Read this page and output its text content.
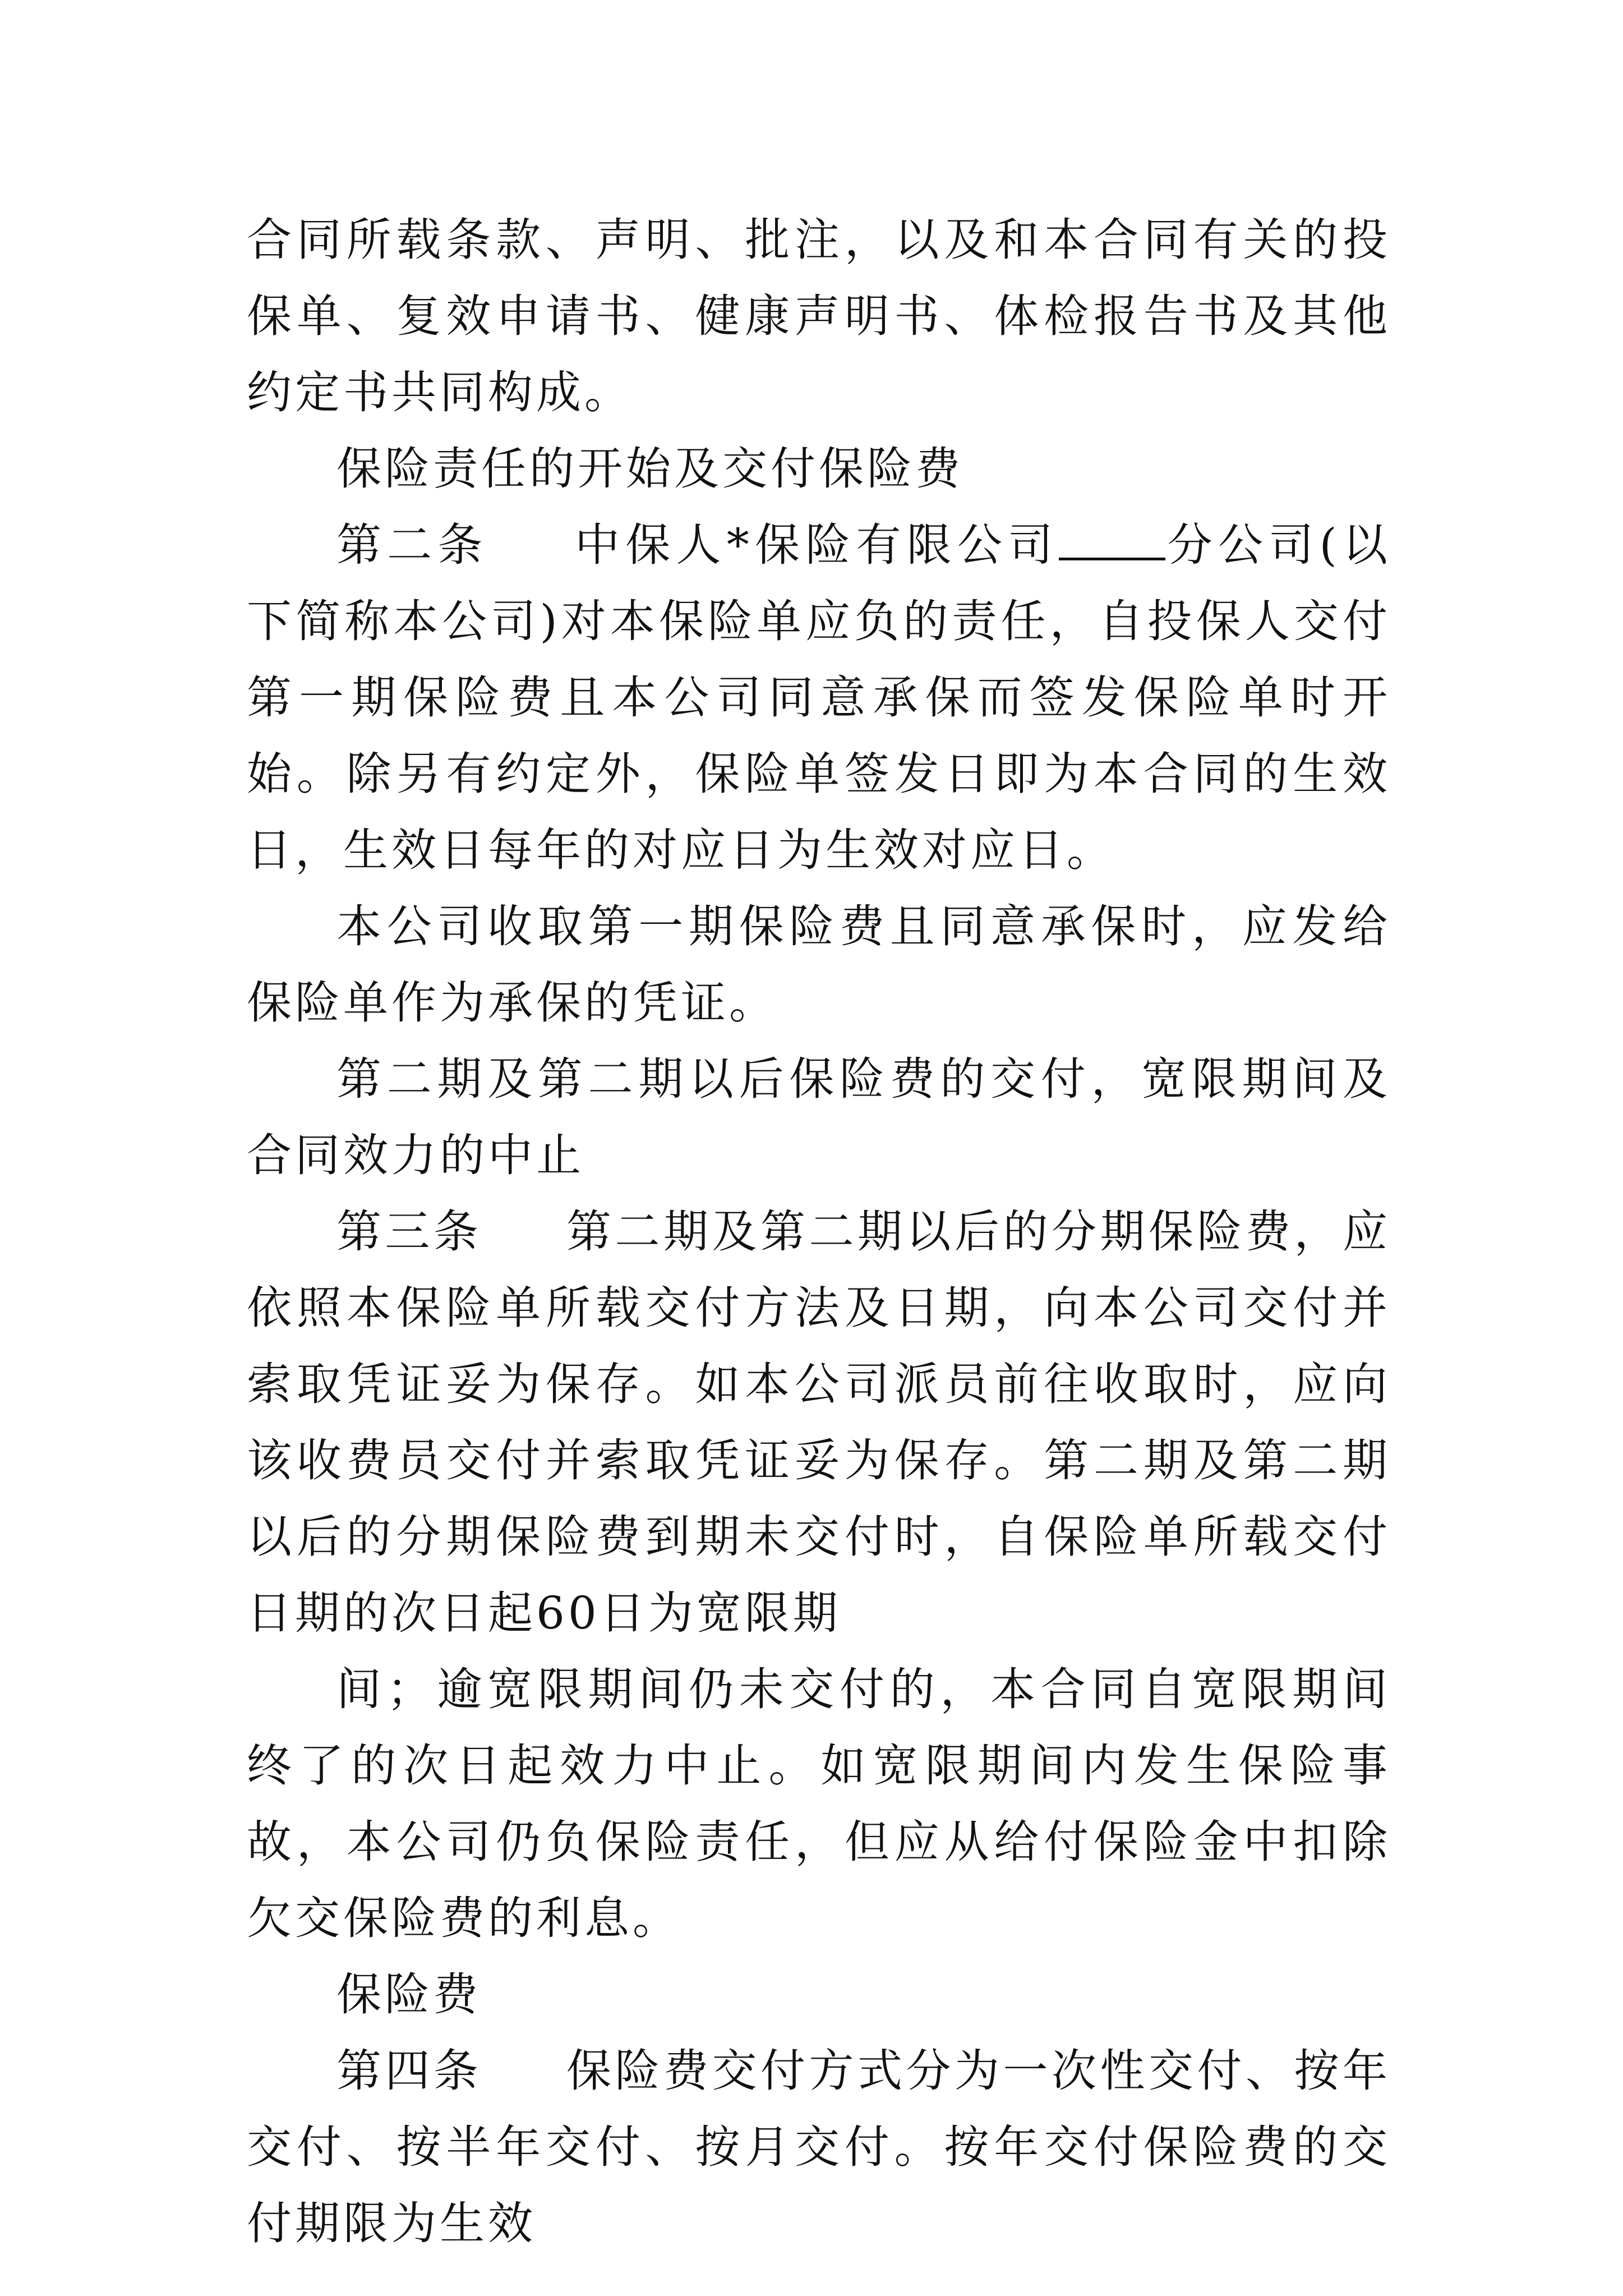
合同所载条款、声明、批注，以及和本合同有关的投保单、复效申请书、健康声明书、体检报告书及其他约定书共同构成。

保险责任的开始及交付保险费

第二条 中保人*保险有限公司 分公司(以下简称本公司)对本保险单应负的责任，自投保人交付第一期保险费且本公司同意承保而签发保险单时开始。除另有约定外，保险单签发日即为本合同的生效日，生效日每年的对应日为生效对应日。

本公司收取第一期保险费且同意承保时，应发给保险单作为承保的凭证。

第二期及第二期以后保险费的交付，宽限期间及合同效力的中止

第三条 第二期及第二期以后的分期保险费，应依照本保险单所载交付方法及日期，向本公司交付并索取凭证妥为保存。如本公司派员前往收取时，应向该收费员交付并索取凭证妥为保存。第二期及第二期以后的分期保险费到期未交付时，自保险单所载交付日期的次日起60日为宽限期

间；逾宽限期间仍未交付的，本合同自宽限期间终了的次日起效力中止。如宽限期间内发生保险事故，本公司仍负保险责任，但应从给付保险金中扣除欠交保险费的利息。

保险费

第四条 保险费交付方式分为一次性交付、按年交付、按半年交付、按月交付。按年交付保险费的交付期限为生效
